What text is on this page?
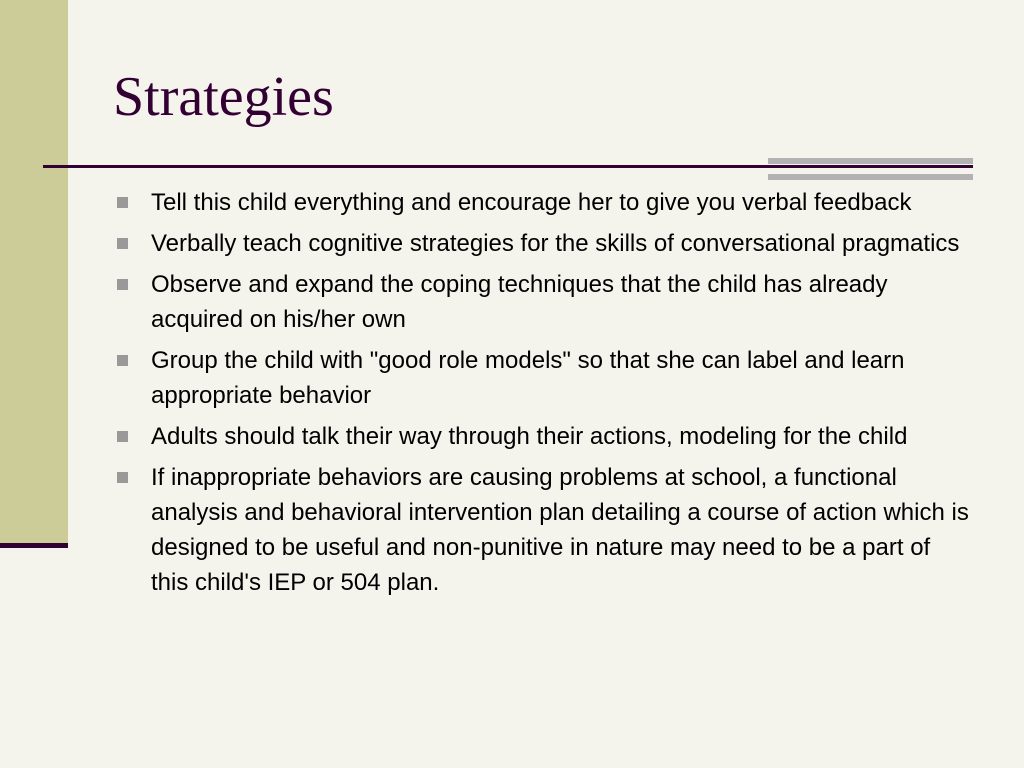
Strategies
Tell this child everything and encourage her to give you verbal feedback
Verbally teach cognitive strategies for the skills of conversational pragmatics
Observe and expand the coping techniques that the child has already acquired on his/her own
Group the child with "good role models" so that she can label and learn appropriate behavior
Adults should talk their way through their actions, modeling for the child
If inappropriate behaviors are causing problems at school, a functional analysis and behavioral intervention plan detailing a course of action which is designed to be useful and non-punitive in nature may need to be a part of this child's IEP or 504 plan.
